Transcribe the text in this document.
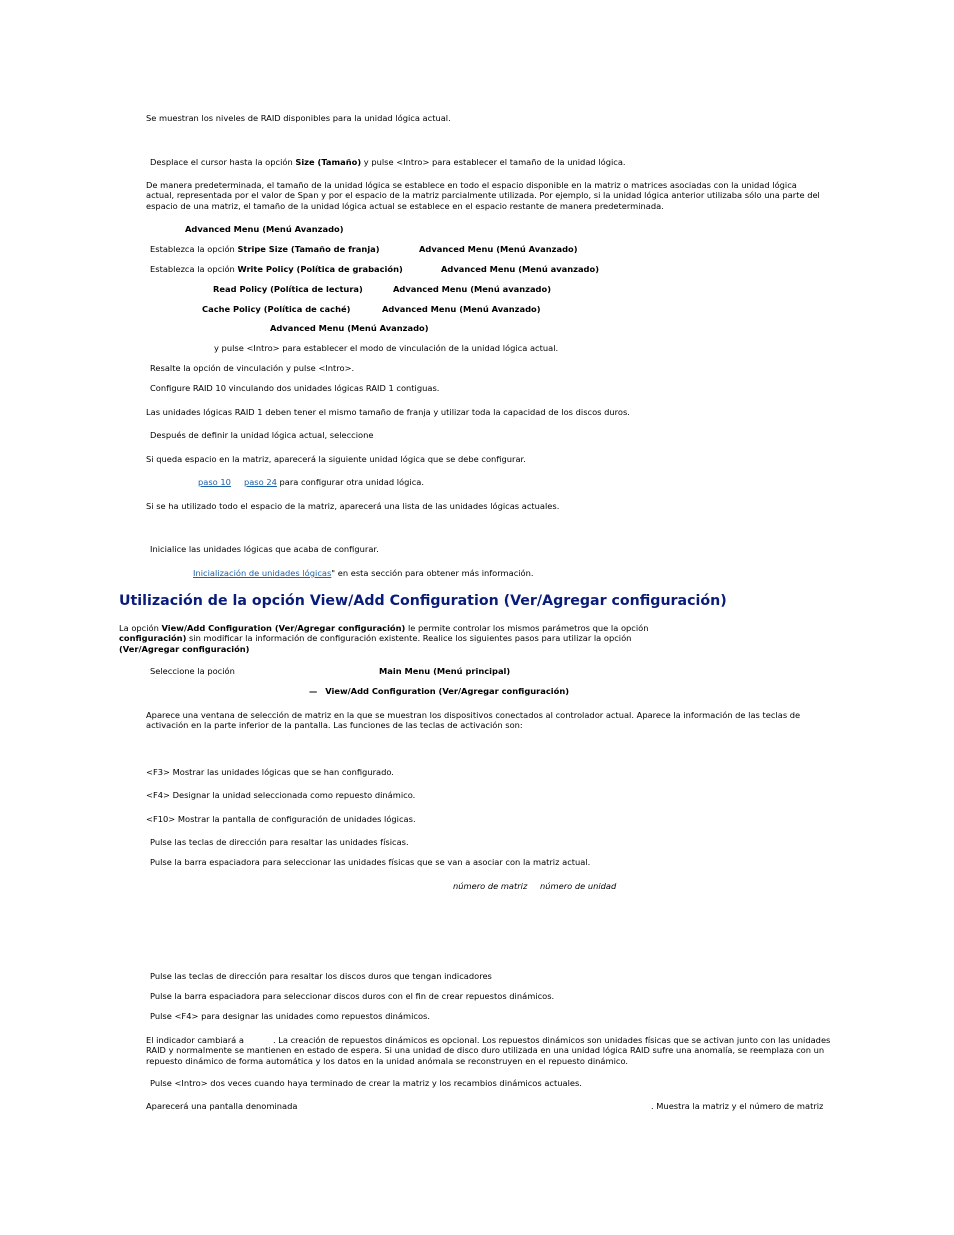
Se muestran los niveles de RAID disponibles para la unidad lógica actual.

Desplace el cursor hasta la opción Size (Tamaño) y pulse <Intro> para establecer el tamaño de la unidad lógica.

De manera predeterminada, el tamaño de la unidad lógica se establece en todo el espacio disponible en la matriz o matrices asociadas con la unidad lógica actual, representada por el valor de Span y por el espacio de la matriz parcialmente utilizada. Por ejemplo, si la unidad lógica anterior utilizaba sólo una parte del espacio de una matriz, el tamaño de la unidad lógica actual se establece en el espacio restante de manera predeterminada.

Advanced Menu (Menú Avanzado)

Establezca la opción Stripe Size (Tamaño de franja)	Advanced Menu (Menú Avanzado)

Establezca la opción Write Policy (Política de grabación)	Advanced Menu (Menú avanzado)

Read Policy (Política de lectura)	Advanced Menu (Menú avanzado)

Cache Policy (Política de caché)	Advanced Menu (Menú Avanzado)

Advanced Menu (Menú Avanzado)

y pulse <Intro> para establecer el modo de vinculación de la unidad lógica actual.

Resalte la opción de vinculación y pulse <Intro>.

Configure RAID 10 vinculando dos unidades lógicas RAID 1 contiguas.

Las unidades lógicas RAID 1 deben tener el mismo tamaño de franja y utilizar toda la capacidad de los discos duros.

Después de definir la unidad lógica actual, seleccione

Si queda espacio en la matriz, aparecerá la siguiente unidad lógica que se debe configurar.

paso 10 paso 24 para configurar otra unidad lógica.

Si se ha utilizado todo el espacio de la matriz, aparecerá una lista de las unidades lógicas actuales.

Inicialice las unidades lógicas que acaba de configurar.

Inicialización de unidades lógicas" en esta sección para obtener más información.

Utilización de la opción View/Add Configuration (Ver/Agregar configuración)

La opción View/Add Configuration (Ver/Agregar configuración) le permite controlar los mismos parámetros que la opción
configuración) sin modificar la información de configuración existente. Realice los siguientes pasos para utilizar la opción
(Ver/Agregar configuración)

Seleccione la poción	Main Menu (Menú principal)

— View/Add Configuration (Ver/Agregar configuración)

Aparece una ventana de selección de matriz en la que se muestran los dispositivos conectados al controlador actual. Aparece la información de las teclas de activación en la parte inferior de la pantalla. Las funciones de las teclas de activación son:

<F3> Mostrar las unidades lógicas que se han configurado.

<F4> Designar la unidad seleccionada como repuesto dinámico.

<F10> Mostrar la pantalla de configuración de unidades lógicas.

Pulse las teclas de dirección para resaltar las unidades físicas.

Pulse la barra espaciadora para seleccionar las unidades físicas que se van a asociar con la matriz actual.

número de matriz número de unidad

Pulse las teclas de dirección para resaltar los discos duros que tengan indicadores

Pulse la barra espaciadora para seleccionar discos duros con el fin de crear repuestos dinámicos.

Pulse <F4> para designar las unidades como repuestos dinámicos.

El indicador cambiará a           . La creación de repuestos dinámicos es opcional. Los repuestos dinámicos son unidades físicas que se activan junto con las unidades RAID y normalmente se mantienen en estado de espera. Si una unidad de disco duro utilizada en una unidad lógica RAID sufre una anomalía, se reemplaza con un repuesto dinámico de forma automática y los datos en la unidad anómala se reconstruyen en el repuesto dinámico.

Pulse <Intro> dos veces cuando haya terminado de crear la matriz y los recambios dinámicos actuales.

Aparecerá una pantalla denominada	. Muestra la matriz y el número de matriz
